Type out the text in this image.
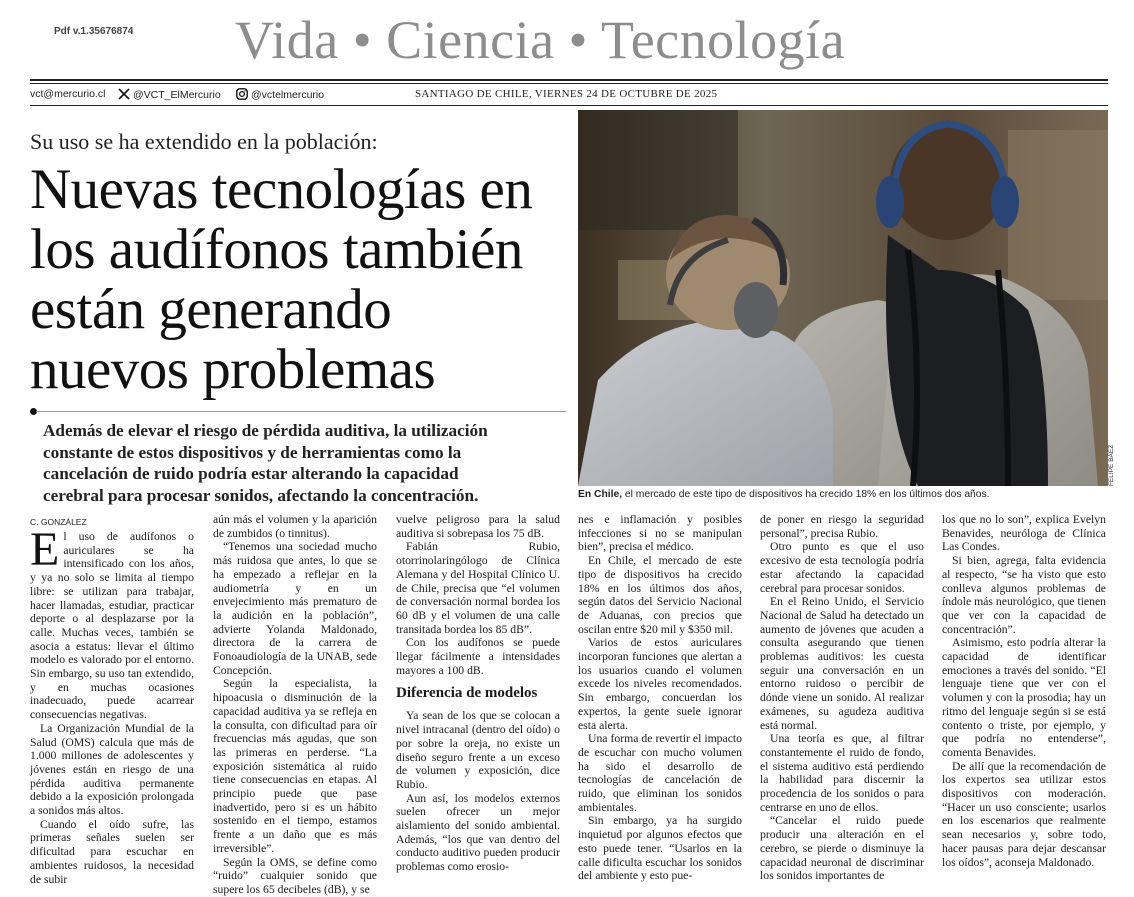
Pdf v.1.35676874 Vida • Ciencia • Tecnología
vct@mercurio.cl	@VCT_ElMercurio	@vctelmercurio	SANTIAGO DE CHILE, VIERNES 24 DE OCTUBRE DE 2025
Su uso se ha extendido en la población:
Nuevas tecnologías en
los audífonos también
están generando
nuevos problemas
Además de elevar el riesgo de pérdida auditiva, la utilización
constante de estos dispositivos y de herramientas como la
cancelación de ruido podría estar alterando la capacidad
cerebral para procesar sonidos, afectando la concentración.
FELIPE BÁEZ
En Chile, el mercado de este tipo de dispositivos ha crecido 18% en los últimos dos años.
C. GONZÁLEZ

El uso de audífonos o auriculares se ha intensificado con los años, y ya no solo se limita al tiempo libre: se utilizan para trabajar, hacer llamadas, estudiar, practicar deporte o al desplazarse por la calle. Muchas veces, también se asocia a estatus: llevar el último modelo es valorado por el entorno. Sin embargo, su uso tan extendido, y en muchas ocasiones inadecuado, puede acarrear consecuencias negativas.

La Organización Mundial de la Salud (OMS) calcula que más de 1.000 millones de adolescentes y jóvenes están en riesgo de una pérdida auditiva permanente debido a la exposición prolongada a sonidos más altos.

Cuando el oído sufre, las primeras señales suelen ser dificultad para escuchar en ambientes ruidosos, la necesidad de subir

aún más el volumen y la aparición de zumbidos (o tinnitus).

“Tenemos una sociedad mucho más ruidosa que antes, lo que se ha empezado a reflejar en la audiometría y en un envejecimiento más prematuro de la audición en la población”, advierte Yolanda Maldonado, directora de la carrera de Fonoaudiología de la UNAB, sede Concepción.

Según la especialista, la hipoacusia o disminución de la capacidad auditiva ya se refleja en la consulta, con dificultad para oír frecuencias más agudas, que son las primeras en perderse. “La exposición sistemática al ruido tiene consecuencias en etapas. Al principio puede que pase inadvertido, pero si es un hábito sostenido en el tiempo, estamos frente a un daño que es más irreversible”.

Según la OMS, se define como “ruido” cualquier sonido que supere los 65 decibeles (dB), y se

vuelve peligroso para la salud auditiva si sobrepasa los 75 dB.

Fabián Rubio, otorrinolaringólogo de Clínica Alemana y del Hospital Clínico U. de Chile, precisa que “el volumen de conversación normal bordea los 60 dB y el volumen de una calle transitada bordea los 85 dB”.

Con los audífonos se puede llegar fácilmente a intensidades mayores a 100 dB.

Diferencia de modelos

Ya sean de los que se colocan a nivel intracanal (dentro del oído) o por sobre la oreja, no existe un diseño seguro frente a un exceso de volumen y exposición, dice Rubio.

Aun así, los modelos externos suelen ofrecer un mejor aislamiento del sonido ambiental. Además, “los que van dentro del conducto auditivo pueden producir problemas como erosio-

nes e inflamación y posibles infecciones si no se manipulan bien”, precisa el médico.

En Chile, el mercado de este tipo de dispositivos ha crecido 18% en los últimos dos años, según datos del Servicio Nacional de Aduanas, con precios que oscilan entre $20 mil y $350 mil.

Varios de estos auriculares incorporan funciones que alertan a los usuarios cuando el volumen excede los niveles recomendados. Sin embargo, concuerdan los expertos, la gente suele ignorar esta alerta.

Una forma de revertir el impacto de escuchar con mucho volumen ha sido el desarrollo de tecnologías de cancelación de ruido, que eliminan los sonidos ambientales.

Sin embargo, ya ha surgido inquietud por algunos efectos que esto puede tener. “Usarlos en la calle dificulta escuchar los sonidos del ambiente y esto pue-

de poner en riesgo la seguridad personal”, precisa Rubio.

Otro punto es que el uso excesivo de esta tecnología podría estar afectando la capacidad cerebral para procesar sonidos.

En el Reino Unido, el Servicio Nacional de Salud ha detectado un aumento de jóvenes que acuden a consulta asegurando que tienen problemas auditivos: les cuesta seguir una conversación en un entorno ruidoso o percibir de dónde viene un sonido. Al realizar exámenes, su agudeza auditiva está normal.

Una teoría es que, al filtrar constantemente el ruido de fondo, el sistema auditivo está perdiendo la habilidad para discernir la procedencia de los sonidos o para centrarse en uno de ellos.

“Cancelar el ruido puede producir una alteración en el cerebro, se pierde o disminuye la capacidad neuronal de discriminar los sonidos importantes de

los que no lo son”, explica Evelyn Benavides, neuróloga de Clínica Las Condes.

Si bien, agrega, falta evidencia al respecto, “se ha visto que esto conlleva algunos problemas de índole más neurológico, que tienen que ver con la capacidad de concentración”.

Asimismo, esto podría alterar la capacidad de identificar emociones a través del sonido. “El lenguaje tiene que ver con el volumen y con la prosodia; hay un ritmo del lenguaje según si se está contento o triste, por ejemplo, y que podría no entenderse”, comenta Benavides.

De allí que la recomendación de los expertos sea utilizar estos dispositivos con moderación. “Hacer un uso consciente; usarlos en los escenarios que realmente sean necesarios y, sobre todo, hacer pausas para dejar descansar los oídos”, aconseja Maldonado.
